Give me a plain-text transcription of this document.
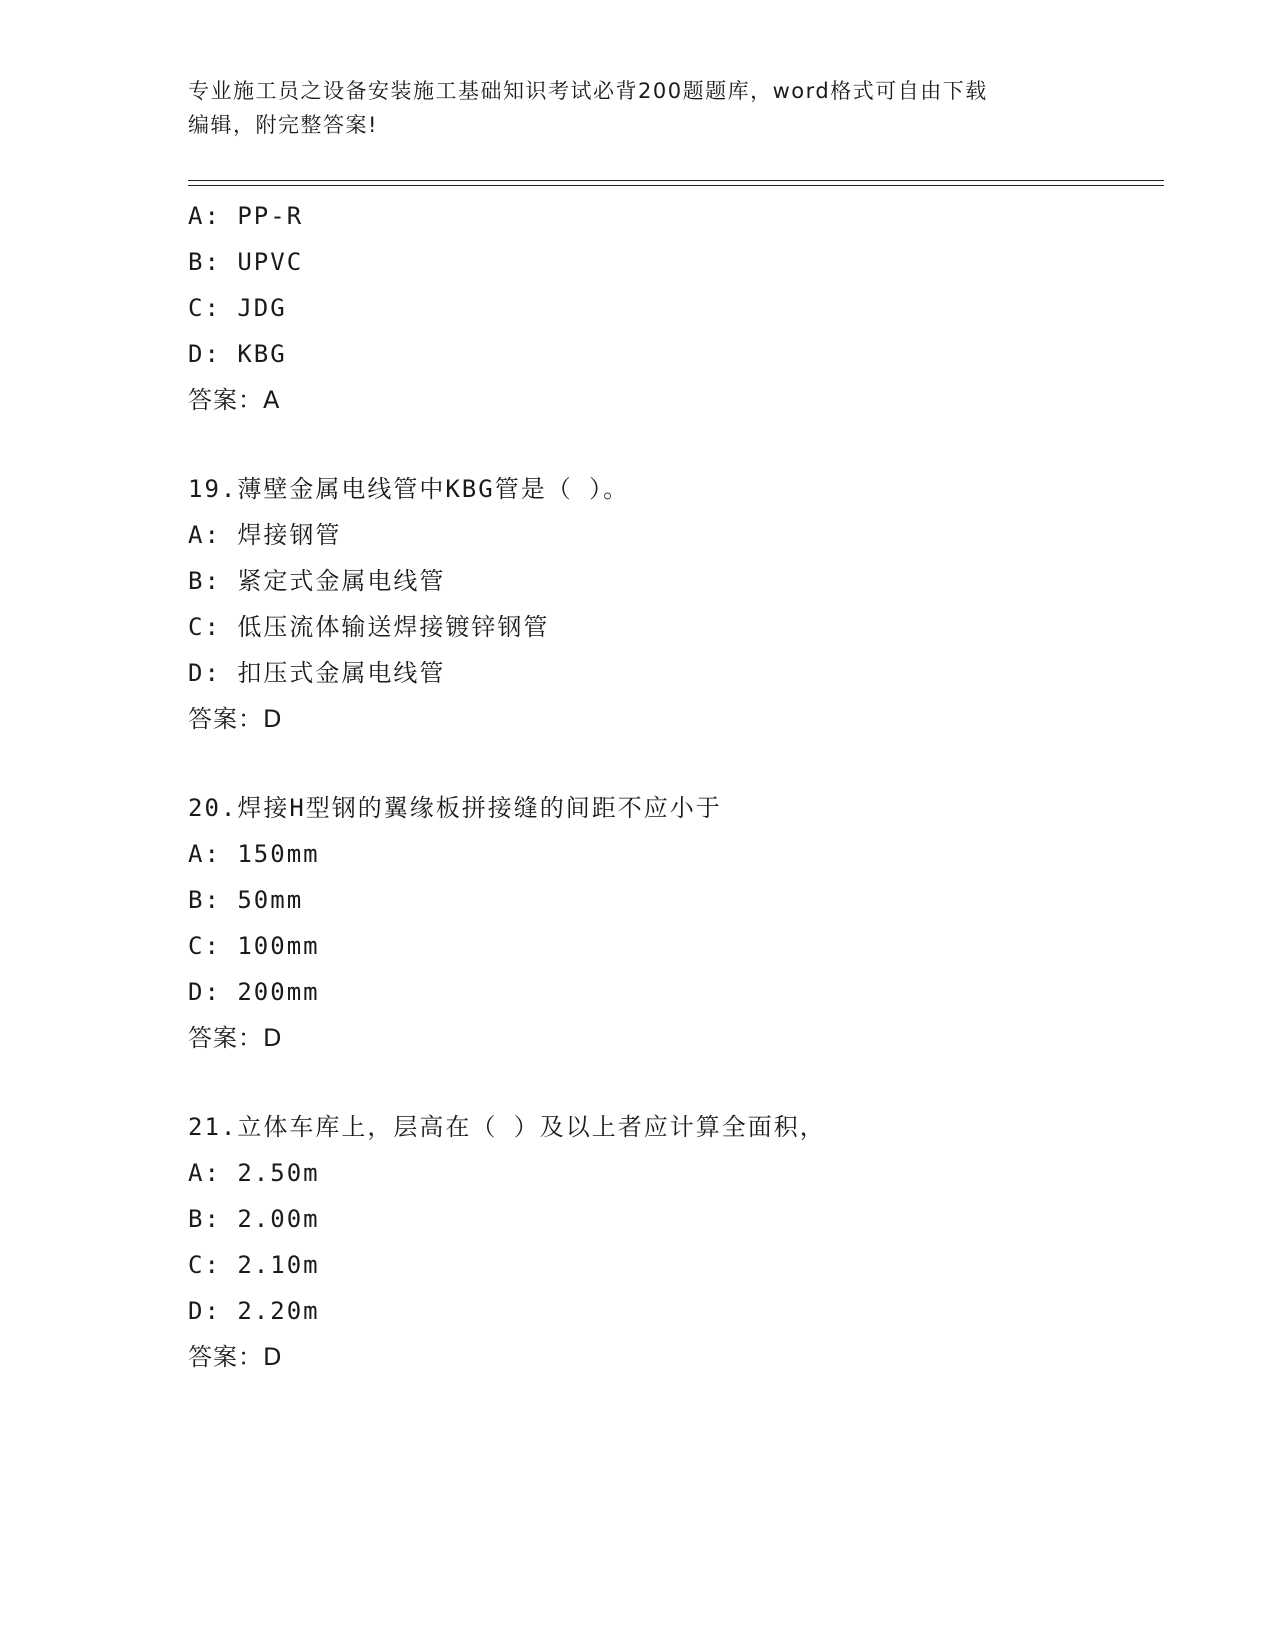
专业施工员之设备安装施工基础知识考试必背200题题库，word格式可自由下载
编辑，附完整答案!
A: PP-R
B: UPVC
C: JDG
D: KBG
答案：A
19.薄壁金属电线管中KBG管是（ ）。
A: 焊接钢管
B: 紧定式金属电线管
C: 低压流体输送焊接镀锌钢管
D: 扣压式金属电线管
答案：D
20.焊接H型钢的翼缘板拼接缝的间距不应小于
A: 150mm
B: 50mm
C: 100mm
D: 200mm
答案：D
21.立体车库上，层高在（ ）及以上者应计算全面积，
A: 2.50m
B: 2.00m
C: 2.10m
D: 2.20m
答案：D
